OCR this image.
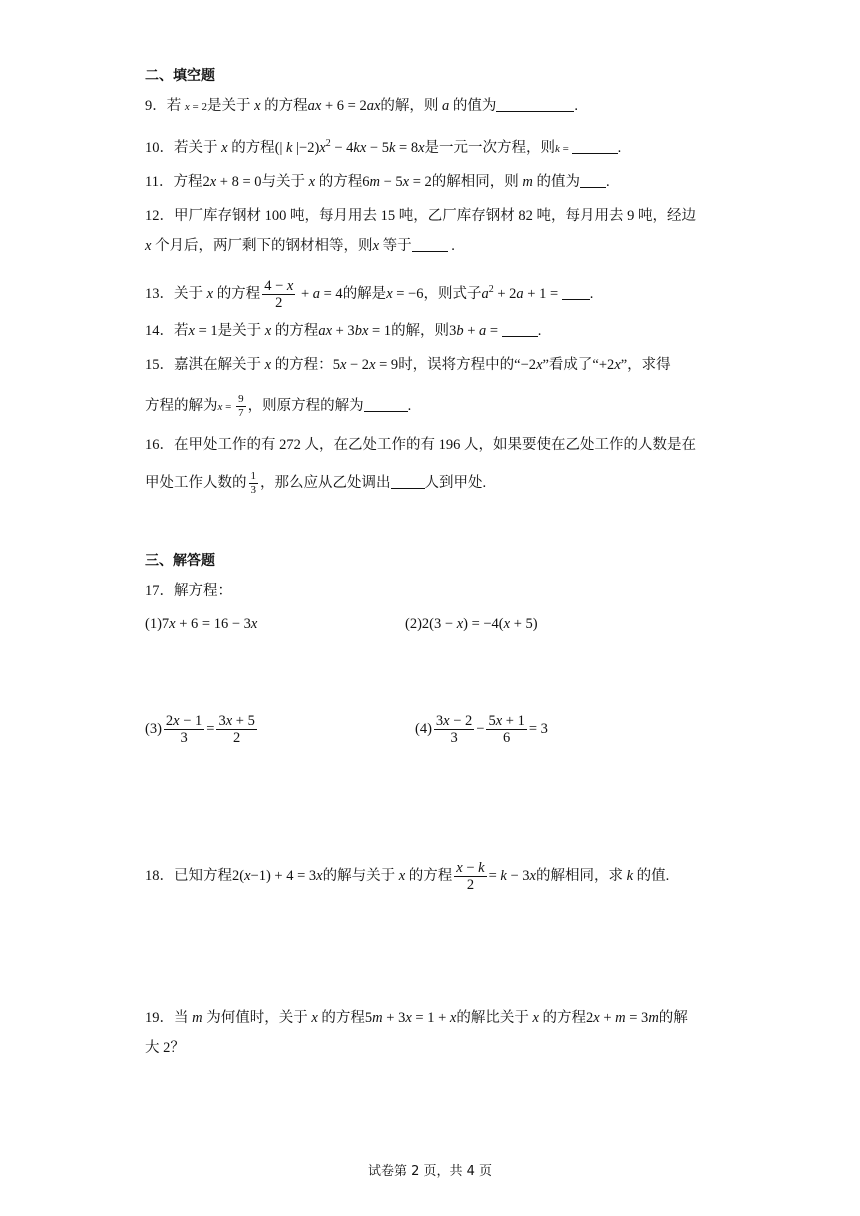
二、填空题
9．若 x = 2是关于 x 的方程ax + 6 = 2ax的解，则 a 的值为	.
10．若关于 x 的方程(| k $|-2)x^2 - 4kx - 5k = 8x$是一元一次方程，则k =	.
11．方程2x + 8 = 0与关于 x 的方程6m − 5x = 2的解相同，则 m 的值为 .
12．甲厂库存钢材 100 吨，每月用去 15 吨，乙厂库存钢材 82 吨，每月用去 9 吨，经边
x 个月后，两厂剩下的钢材相等，则x 等于 .
13．关于 x 的方程 $\frac{4 - x}{2} + a = 4$的解是x = −6，则式子$a^2 + 2a + 1$ = .
14．若x = 1是关于 x 的方程ax + 3bx = 1的解，则3b + a = .
15．嘉淇在解关于 x 的方程：5x − 2x = 9时，误将方程中的“−2x”看成了“+2x”，求得
方程的解为$x = \frac{9}{7}$ ，则原方程的解为	.
16．在甲处工作的有 272 人，在乙处工作的有 196 人，如果要使在乙处工作的人数是在
甲处工作人数的 $\frac{1}{3}$ ，那么应从乙处调出 人到甲处.
三、解答题
17．解方程：
(1)7x + 6 = 16 − 3x	(2)2(3 − x) = −4(x + 5)
$(3) \frac{2x - 1}{3} = \frac{3x + 5}{2}$	$(4) \frac{3x - 2}{3} - \frac{5x + 1}{6} = 3$
18．已知方程2(x−1) + 4 = 3x的解与关于 x 的方程 $\frac{x - k}{2} = k - 3x$的解相同，求 k 的值.
19．当 m 为何值时，关于 x 的方程5m + 3x = 1 + x的解比关于 x 的方程2x + m = 3m的解
大 2？
试卷第 2 页，共 4 页
